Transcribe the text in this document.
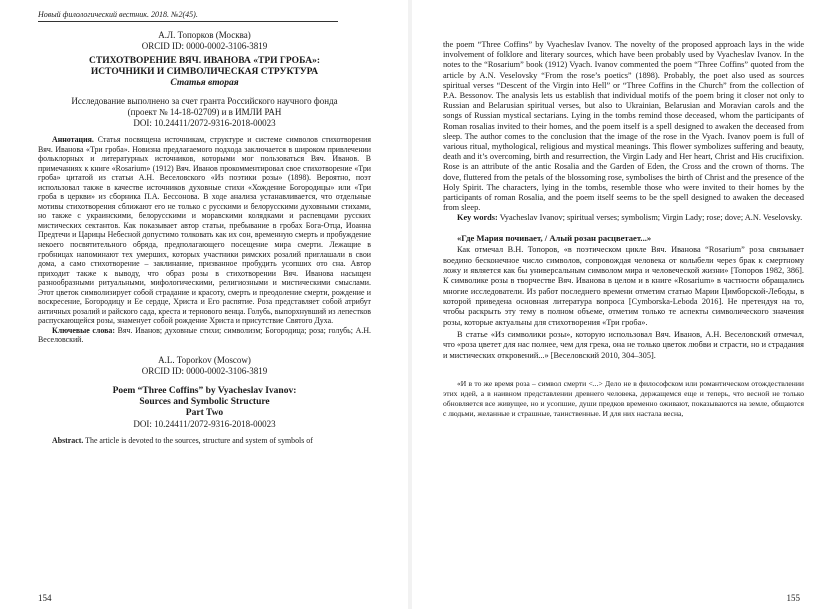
Новый филологический вестник. 2018. №2(45).
А.Л. Топорков (Москва)
ORCID ID: 0000-0002-3106-3819
СТИХОТВОРЕНИЕ ВЯЧ. ИВАНОВА «ТРИ ГРОБА»:
ИСТОЧНИКИ И СИМВОЛИЧЕСКАЯ СТРУКТУРА
Статья вторая
Исследование выполнено за счет гранта Российского научного фонда
(проект № 14-18-02709) и в ИМЛИ РАН
DOI: 10.24411/2072-9316-2018-00023

Аннотация. Статья посвящена источникам, структуре и системе символов стихотворения Вяч. Иванова «Три гроба». Новизна предлагаемого подхода заключается в широком привлечении фольклорных и литературных источников, которыми мог пользоваться Вяч. Иванов. В примечаниях к книге «Rosarium» (1912) Вяч. Иванов прокомментировал свое стихотворение «Три гроба» цитатой из статьи А.Н. Веселовского «Из поэтики розы» (1898). Вероятно, поэт использовал также в качестве источников духовные стихи «Хождение Богородицы» или «Три гроба в церкви» из сборника П.А. Бессонова. В ходе анализа устанавливается, что отдельные мотивы стихотворения сближают его не только с русскими и белорусскими духовными стихами, но также с украинскими, белорусскими и моравскими колядками и распевцами русских мистических сектантов. Как показывает автор статьи, пребывание в гробах Бога-Отца, Иоанна Предтечи и Царицы Небесной допустимо толковать как их сон, временную смерть и пробуждение некоего посвятительного обряда, предполагающего посещение мира смерти. Лежащие в гробницах напоминают тех умерших, которых участники римских розалий приглашали в свои дома, а само стихотворение – заклинание, призванное пробудить усопших ото сна. Автор приходит также к выводу, что образ розы в стихотворении Вяч. Иванова насыщен разнообразными ритуальными, мифологическими, религиозными и мистическими смыслами. Этот цветок символизирует собой страдание и красоту, смерть и преодоление смерти, рождение и воскресение, Богородицу и Ее сердце, Христа и Его распятие. Роза представляет собой атрибут античных розалий и райского сада, креста и тернового венца. Голубь, выпорхнувший из лепестков распускающейся розы, знаменует собой рождение Христа и присутствие Святого Духа.

Ключевые слова: Вяч. Иванов; духовные стихи; символизм; Богородица; роза; голубь; А.Н. Веселовский.

A.L. Toporkov (Moscow)
ORCID ID: 0000-0002-3106-3819
Poem “Three Coffins” by Vyacheslav Ivanov:
Sources and Symbolic Structure
Part Two
DOI: 10.24411/2072-9316-2018-00023

Abstract. The article is devoted to the sources, structure and system of symbols of

154

the poem “Three Coffins” by Vyacheslav Ivanov. The novelty of the proposed approach lays in the wide involvement of folklore and literary sources, which have been probably used by Vyacheslav Ivanov. In the notes to the “Rosarium” book (1912) Vyach. Ivanov commented the poem “Three Coffins” quoted from the article by A.N. Veselovsky “From the rose’s poetics” (1898). Probably, the poet also used as sources spiritual verses “Descent of the Virgin into Hell” or “Three Coffins in the Church” from the collection of P.A. Bessonov. The analysis lets us establish that individual motifs of the poem bring it closer not only to Russian and Belarusian spiritual verses, but also to Ukrainian, Belarusian and Moravian carols and the songs of Russian mystical sectarians. Lying in the tombs remind those deceased, whom the participants of Roman rosalias invited to their homes, and the poem itself is a spell designed to awaken the deceased from sleep. The author comes to the conclusion that the image of the rose in the Vyach. Ivanov poem is full of various ritual, mythological, religious and mystical meanings. This flower symbolizes suffering and beauty, death and it’s overcoming, birth and resurrection, the Virgin Lady and Her heart, Christ and His crucifixion. Rose is an attribute of the antic Rosalia and the Garden of Eden, the Cross and the crown of thorns. The dove, fluttered from the petals of the blossoming rose, symbolises the birth of Christ and the presence of the Holy Spirit. The characters, lying in the tombs, resemble those who were invited to their homes by the participants of roman Rosalia, and the poem itself seems to be the spell designed to awaken the deceased from sleep.

Key words: Vyacheslav Ivanov; spiritual verses; symbolism; Virgin Lady; rose; dove; A.N. Veselovsky.

«Где Мария почивает, / Алый розан расцветает...»

Как отмечал В.Н. Топоров, «в поэтическом цикле Вяч. Иванова “Rosarium” роза связывает воедино бесконечное число символов, сопровождая человека от колыбели через брак к смертному ложу и является как бы универсальным символом мира и человеческой жизни» [Топоров 1982, 386]. К символике розы в творчестве Вяч. Иванова в целом и в книге «Rosarium» в частности обращались многие исследователи. Из работ последнего времени отметим статью Марии Цимборской-Лебоды, в которой приведена основная литература вопроса [Cymborska-Leboda 2016]. Не претендуя на то, чтобы раскрыть эту тему в полном объеме, отметим только те аспекты символического значения розы, которые актуальны для стихотворения «Три гроба».

В статье «Из символики розы», которую использовал Вяч. Иванов, А.Н. Веселовский отмечал, что «роза цветет для нас полнее, чем для грека, она не только цветок любви и страсти, но и страдания и мистических откровений...» [Веселовский 2010, 304–305].

«И в то же время роза – символ смерти <...> Дело не в философском или романтическом отождествлении этих идей, а в наивном представлении древнего человека, держащемся еще и теперь, что весной не только обновляется все живущее, но и усопшие, души предков временно оживают, показываются на земле, общаются с людьми, желанные и страшные, таинственные. И для них настала весна,

155
